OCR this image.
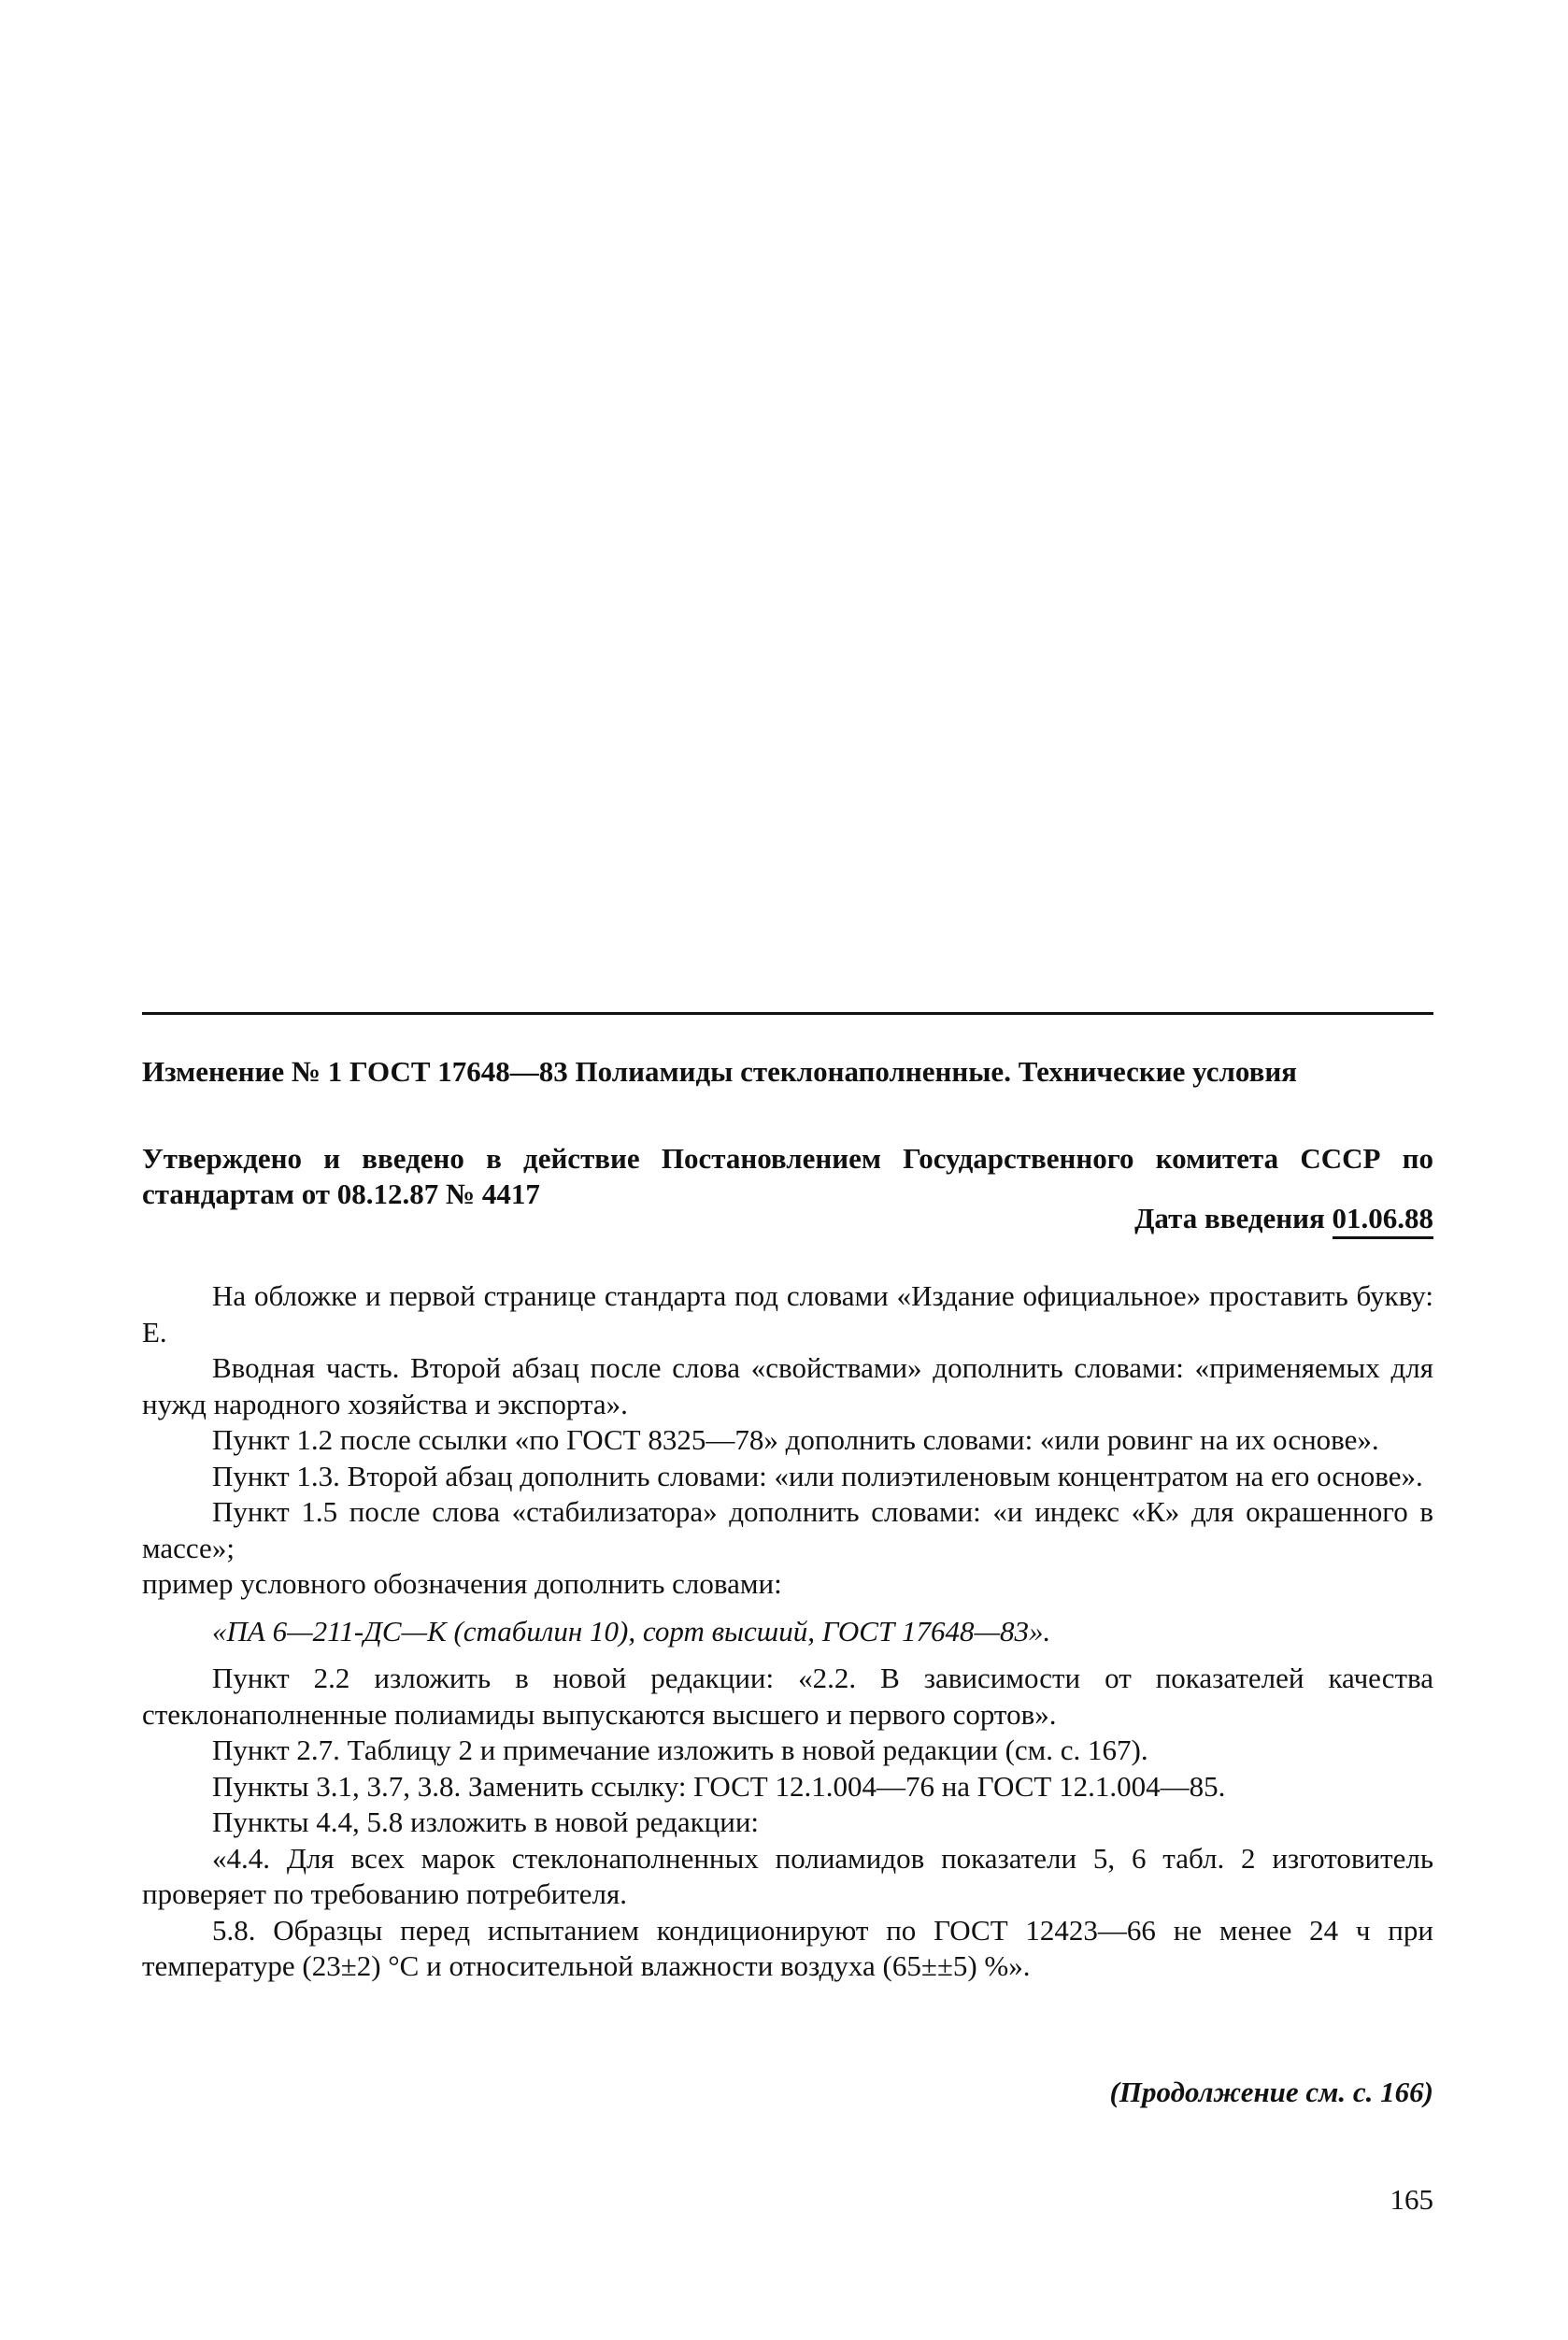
Изменение № 1 ГОСТ 17648—83 Полиамиды стеклонаполненные. Технические условия

Утверждено и введено в действие Постановлением Государственного комитета СССР по стандартам от 08.12.87 № 4417

Дата введения 01.06.88

На обложке и первой странице стандарта под словами «Издание официальное» проставить букву: Е.

Вводная часть. Второй абзац после слова «свойствами» дополнить словами: «применяемых для нужд народного хозяйства и экспорта».

Пункт 1.2 после ссылки «по ГОСТ 8325—78» дополнить словами: «или ровинг на их основе».

Пункт 1.3. Второй абзац дополнить словами: «или полиэтиленовым концентратом на его основе».

Пункт 1.5 после слова «стабилизатора» дополнить словами: «и индекс «К» для окрашенного в массе»;

пример условного обозначения дополнить словами:

«ПА 6—211-ДС—К (стабилин 10), сорт высший, ГОСТ 17648—83».

Пункт 2.2 изложить в новой редакции: «2.2. В зависимости от показателей качества стеклонаполненные полиамиды выпускаются высшего и первого сортов».

Пункт 2.7. Таблицу 2 и примечание изложить в новой редакции (см. с. 167).

Пункты 3.1, 3.7, 3.8. Заменить ссылку: ГОСТ 12.1.004—76 на ГОСТ 12.1.004—85.

Пункты 4.4, 5.8 изложить в новой редакции:

«4.4. Для всех марок стеклонаполненных полиамидов показатели 5, 6 табл. 2 изготовитель проверяет по требованию потребителя.

5.8. Образцы перед испытанием кондиционируют по ГОСТ 12423—66 не менее 24 ч при температуре (23±2) °С и относительной влажности воздуха (65±±5) %».

(Продолжение см. с. 166)
165
